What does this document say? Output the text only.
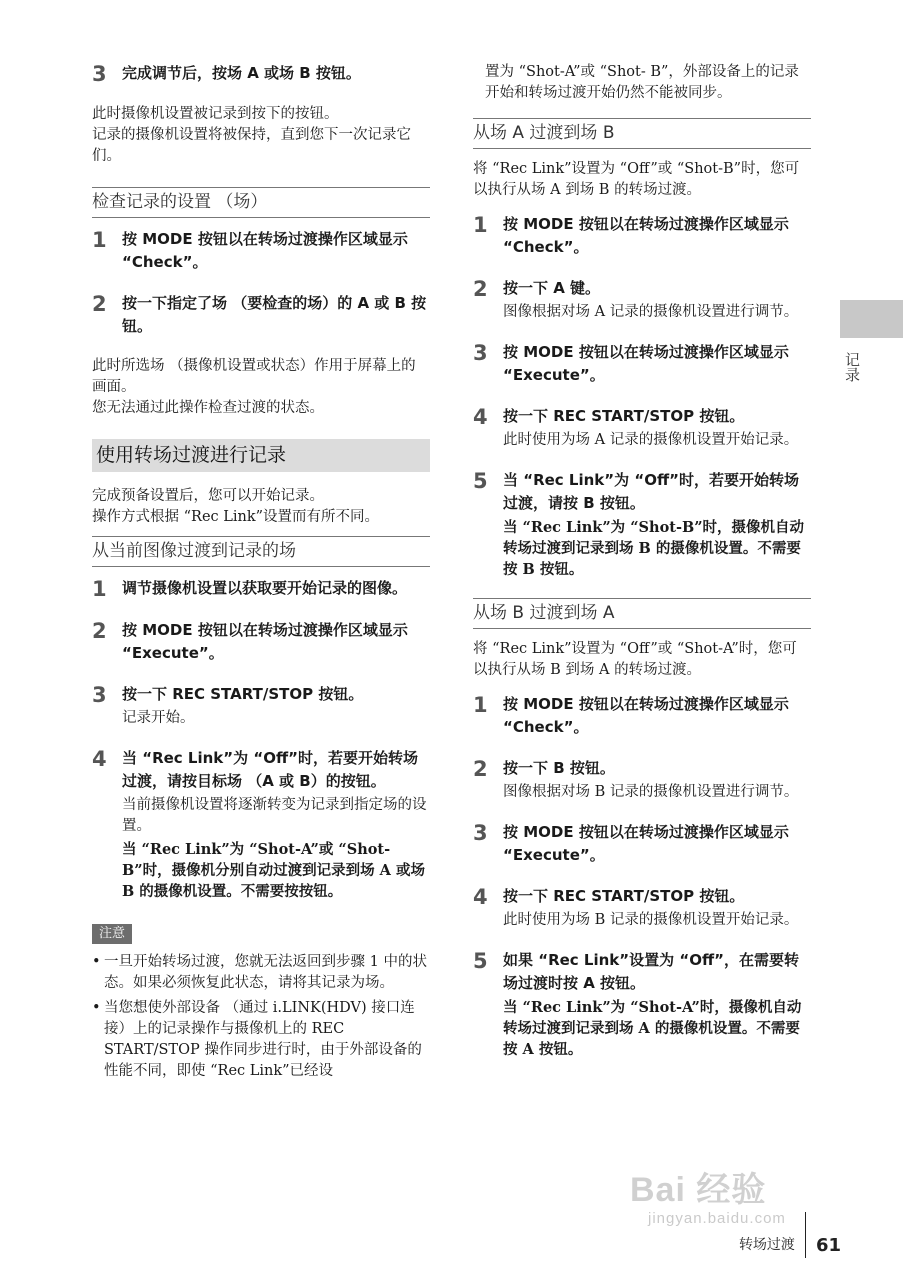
3	完成调节后，按场 A 或场 B 按钮。

此时摄像机设置被记录到按下的按钮。

记录的摄像机设置将被保持，直到您下一次记录它们。

检查记录的设置 （场）
1	按 MODE 按钮以在转场过渡操作区域显示 “Check”。

2	按一下指定了场 （要检查的场）的 A 或 B 按钮。

此时所选场 （摄像机设置或状态）作用于屏幕上的画面。

您无法通过此操作检查过渡的状态。

使用转场过渡进行记录

完成预备设置后，您可以开始记录。

操作方式根据 “Rec Link”设置而有所不同。

从当前图像过渡到记录的场
1	调节摄像机设置以获取要开始记录的图像。

2	按 MODE 按钮以在转场过渡操作区域显示 “Execute”。

3	按一下 REC START/STOP 按钮。

记录开始。

4	当 “Rec Link”为 “Off”时，若要开始转场过渡，请按目标场 （A 或 B）的按钮。

当前摄像机设置将逐渐转变为记录到指定场的设置。

当 “Rec Link”为 “Shot-A”或 “Shot-B”时，摄像机分别自动过渡到记录到场 A 或场 B 的摄像机设置。不需要按按钮。

注意
• 一旦开始转场过渡，您就无法返回到步骤 1 中的状态。如果必须恢复此状态，请将其记录为场。
• 当您想使外部设备 （通过 i.LINK(HDV) 接口连接）上的记录操作与摄像机上的 REC START/STOP 操作同步进行时，由于外部设备的性能不同，即使 “Rec Link”已经设
置为 “Shot-A”或 “Shot- B”，外部设备上的记录开始和转场过渡开始仍然不能被同步。
从场 A 过渡到场 B
将 “Rec Link”设置为 “Off”或 “Shot-B”时，您可以执行从场 A 到场 B 的转场过渡。
1	按 MODE 按钮以在转场过渡操作区域显示 “Check”。

2	按一下 A 键。

图像根据对场 A 记录的摄像机设置进行调节。

3	按 MODE 按钮以在转场过渡操作区域显示 “Execute”。

4	按一下 REC START/STOP 按钮。

此时使用为场 A 记录的摄像机设置开始记录。

5	当 “Rec Link”为 “Off”时，若要开始转场过渡，请按 B 按钮。

当 “Rec Link”为 “Shot-B”时，摄像机自动转场过渡到记录到场 B 的摄像机设置。不需要按 B 按钮。

从场 B 过渡到场 A
将 “Rec Link”设置为 “Off”或 “Shot-A”时，您可以执行从场 B 到场 A 的转场过渡。
1	按 MODE 按钮以在转场过渡操作区域显示 “Check”。

2	按一下 B 按钮。

图像根据对场 B 记录的摄像机设置进行调节。

3	按 MODE 按钮以在转场过渡操作区域显示 “Execute”。

4	按一下 REC START/STOP 按钮。

此时使用为场 B 记录的摄像机设置开始记录。

5	如果 “Rec Link”设置为 “Off”，在需要转场过渡时按 A 按钮。

当 “Rec Link”为 “Shot-A”时，摄像机自动转场过渡到记录到场 A 的摄像机设置。不需要按 A 按钮。

记录
Bai 经验
jingyan.baidu.com
转场过渡 61
